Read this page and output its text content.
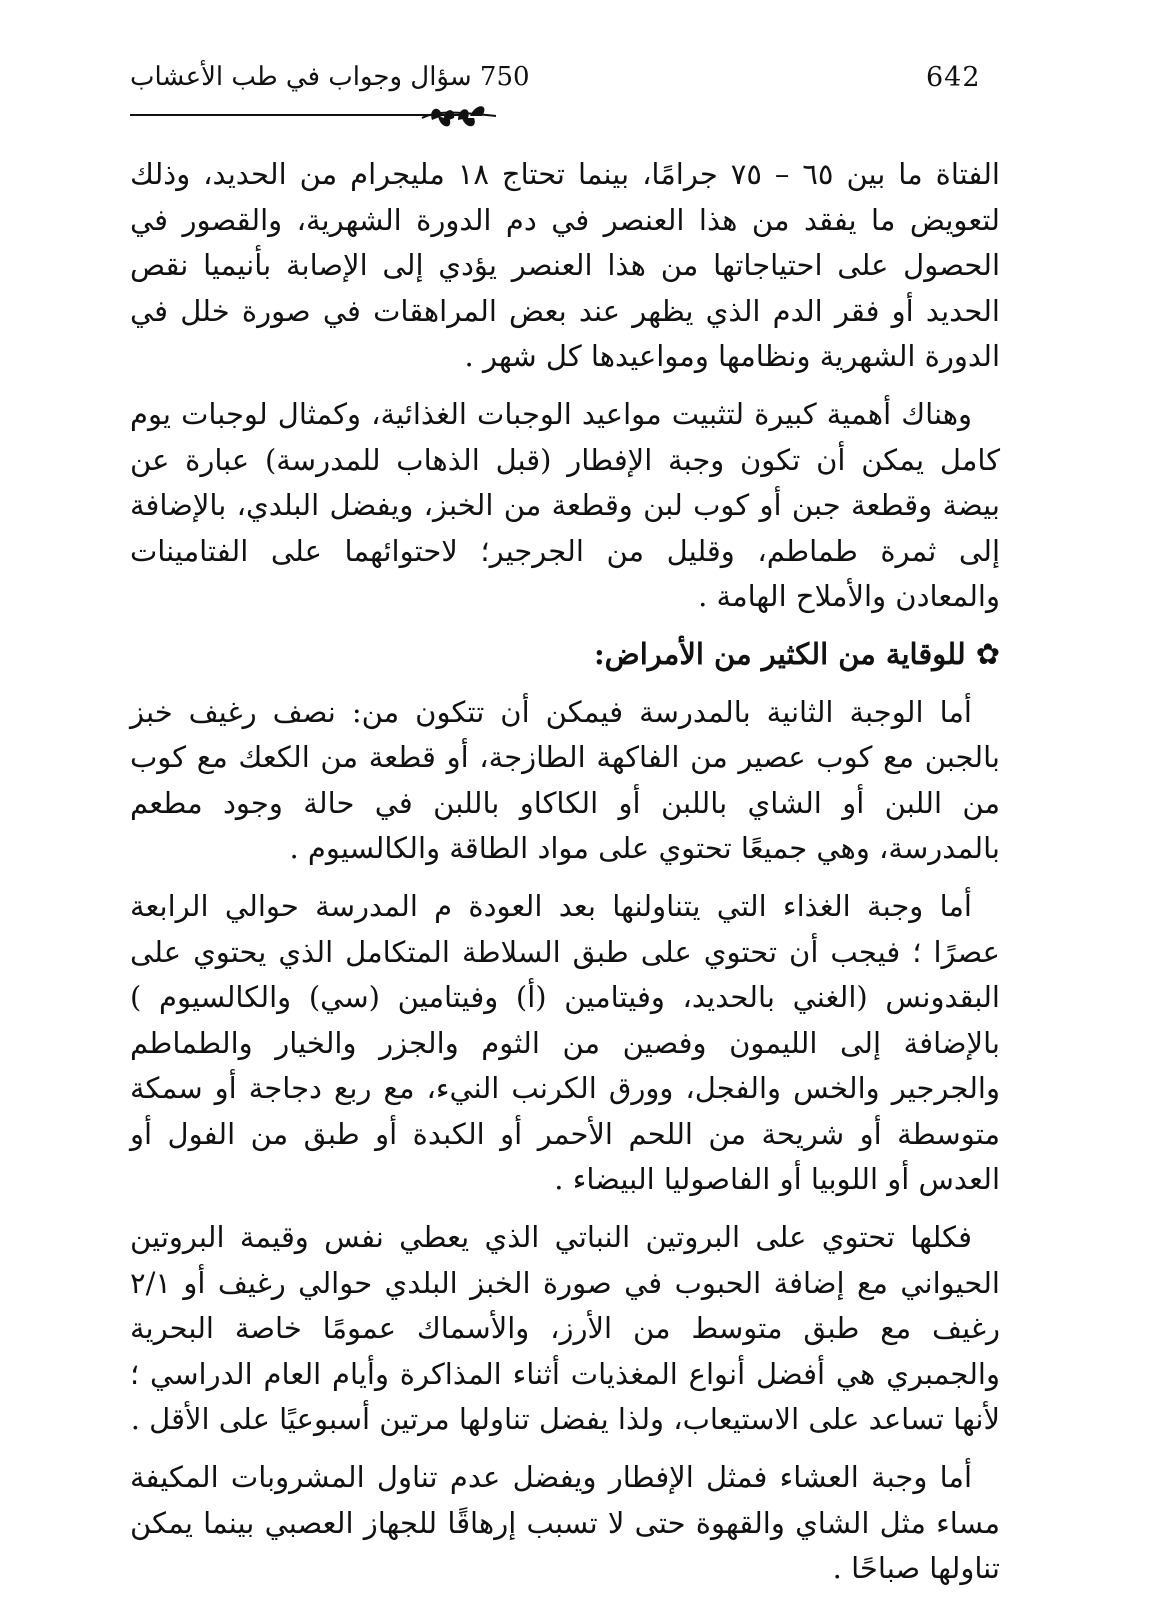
642
750 سؤال وجواب في طب الأعشاب

الفتاة ما بين ٦٥ – ٧٥ جرامًا، بينما تحتاج ١٨ مليجرام من الحديد، وذلك لتعويض ما يفقد من هذا العنصر في دم الدورة الشهرية، والقصور في الحصول على احتياجاتها من هذا العنصر يؤدي إلى الإصابة بأنيميا نقص الحديد أو فقر الدم الذي يظهر عند بعض المراهقات في صورة خلل في الدورة الشهرية ونظامها ومواعيدها كل شهر .

وهناك أهمية كبيرة لتثبيت مواعيد الوجبات الغذائية، وكمثال لوجبات يوم كامل يمكن أن تكون وجبة الإفطار (قبل الذهاب للمدرسة) عبارة عن بيضة وقطعة جبن أو كوب لبن وقطعة من الخبز، ويفضل البلدي، بالإضافة إلى ثمرة طماطم، وقليل من الجرجير؛ لاحتوائهما على الفتامينات والمعادن والأملاح الهامة .

✿للوقاية من الكثير من الأمراض:

أما الوجبة الثانية بالمدرسة فيمكن أن تتكون من: نصف رغيف خبز بالجبن مع كوب عصير من الفاكهة الطازجة، أو قطعة من الكعك مع كوب من اللبن أو الشاي باللبن أو الكاكاو باللبن في حالة وجود مطعم بالمدرسة، وهي جميعًا تحتوي على مواد الطاقة والكالسيوم .

أما وجبة الغذاء التي يتناولنها بعد العودة م المدرسة حوالي الرابعة عصرًا ؛ فيجب أن تحتوي على طبق السلاطة المتكامل الذي يحتوي على البقدونس (الغني بالحديد، وفيتامين (أ) وفيتامين (سي) والكالسيوم ) بالإضافة إلى الليمون وفصين من الثوم والجزر والخيار والطماطم والجرجير والخس والفجل، وورق الكرنب النيء، مع ربع دجاجة أو سمكة متوسطة أو شريحة من اللحم الأحمر أو الكبدة أو طبق من الفول أو العدس أو اللوبيا أو الفاصوليا البيضاء .

فكلها تحتوي على البروتين النباتي الذي يعطي نفس وقيمة البروتين الحيواني مع إضافة الحبوب في صورة الخبز البلدي حوالي رغيف أو ٢/١ رغيف مع طبق متوسط من الأرز، والأسماك عمومًا خاصة البحرية والجمبري هي أفضل أنواع المغذيات أثناء المذاكرة وأيام العام الدراسي ؛ لأنها تساعد على الاستيعاب، ولذا يفضل تناولها مرتين أسبوعيًا على الأقل .

أما وجبة العشاء فمثل الإفطار ويفضل عدم تناول المشروبات المكيفة مساء مثل الشاي والقهوة حتى لا تسبب إرهاقًا للجهاز العصبي بينما يمكن تناولها صباحًا .
